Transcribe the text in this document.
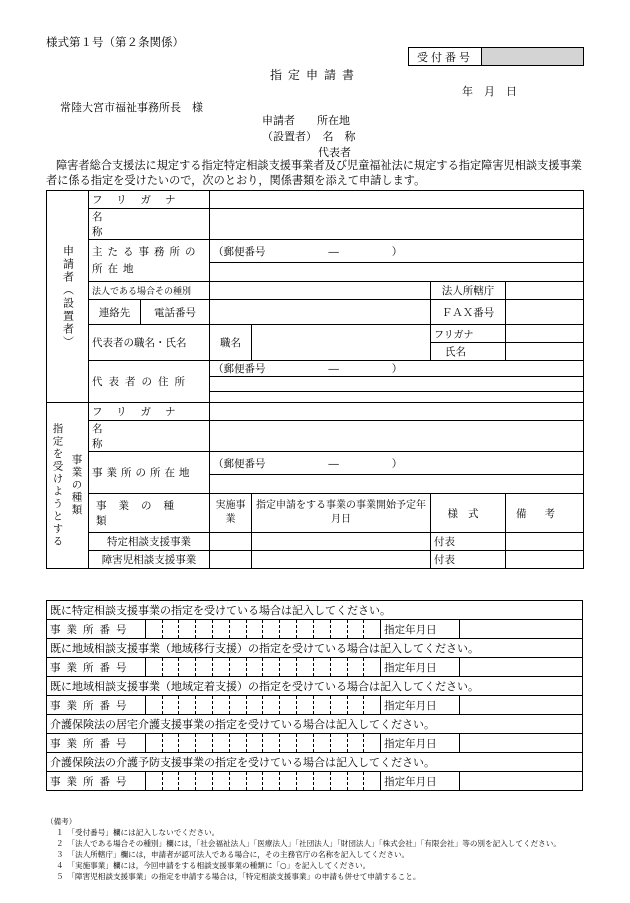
様式第１号（第２条関係）
受付番号
指定申請書
年　月　日
常陸大宮市福祉事務所長　様
申請者　　所在地
（設置者）　名　称
代表者
障害者総合支援法に規定する指定特定相談支援事業者及び児童福祉法に規定する指定障害児相談支援事業者に係る指定を受けたいので，次のとおり，関係書類を添えて申請します。
申請者（設置者）	フリガナ					

名称					

	主たる事務所の所在地		（郵便番号 ― ）			

	法人である場合その種別				法人所轄庁	
	連絡先	電話番号			ＦＡＸ番号	
	代表者の職名・氏名		職名		フリガナ	
					氏名	

	代表者の住所		（郵便番号 ― ）			

指定を受けようとする 事業の種類	フリガナ					

名称					

	事業所の所在地		（郵便番号 ― ）			

	事業の種類		実施事業	指定申請をする事業の事業開始予定年月日	様式	備考
	特定相談支援事業				付表	
	障害児相談支援事業				付表	
既に特定相談支援事業の指定を受けている場合は記入してください。																
事業所番号															指定年月日	
既に地域相談支援事業（地域移行支援）の指定を受けている場合は記入してください。																
事業所番号															指定年月日	
既に地域相談支援事業（地域定着支援）の指定を受けている場合は記入してください。																
事業所番号															指定年月日	
介護保険法の居宅介護支援事業の指定を受けている場合は記入してください。																
事業所番号															指定年月日	
介護保険法の介護予防支援事業の指定を受けている場合は記入してください。																
事業所番号															指定年月日	
（備考）
１　「受付番号」欄には記入しないでください。
２　「法人である場合その種別」欄には，「社会福祉法人」「医療法人」「社団法人」「財団法人」「株式会社」「有限会社」等の別を記入してください。
３　「法人所轄庁」欄には，申請者が認可法人である場合に，その主務官庁の名称を記入してください。
４　「実施事業」欄には，今回申請をする相談支援事業の種類に「○」を記入してください。
５　「障害児相談支援事業」の指定を申請する場合は，「特定相談支援事業」の申請も併せて申請すること。
